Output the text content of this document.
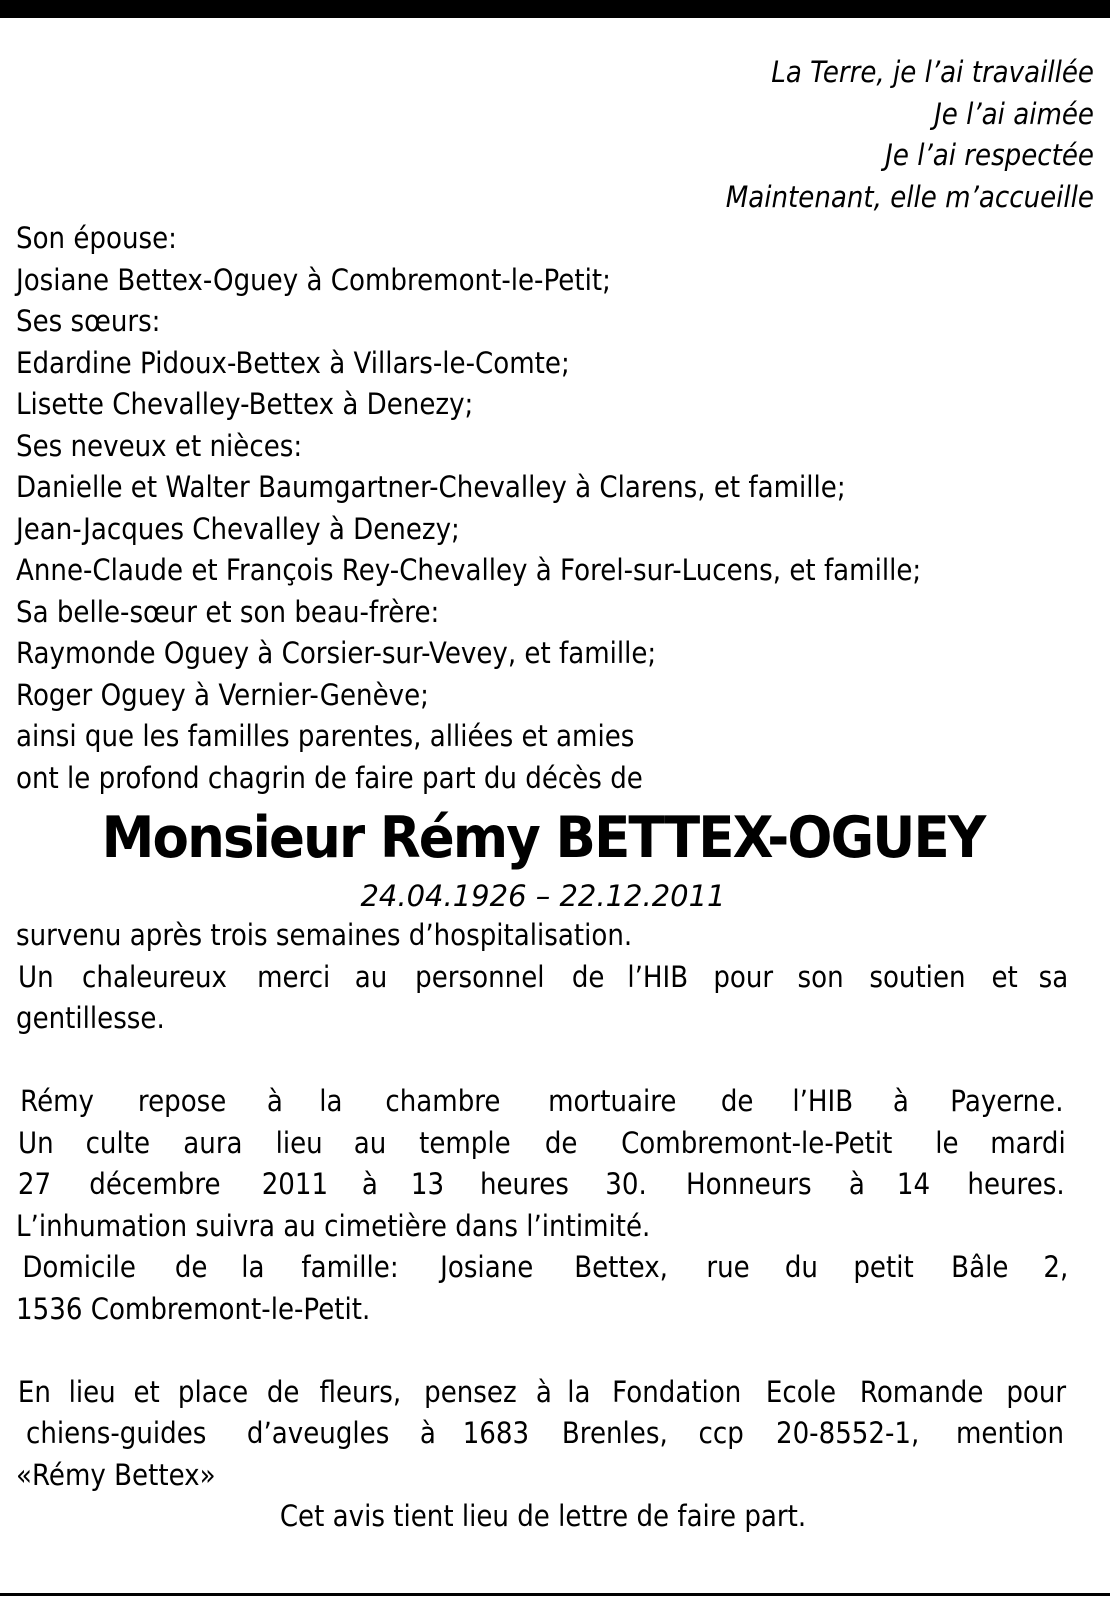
La Terre, je l’ai travaillée
Je l’ai aimée
Je l’ai respectée
Maintenant, elle m’accueille
Son épouse:
Josiane Bettex-Oguey à Combremont-le-Petit;
Ses sœurs:
Edardine Pidoux-Bettex à Villars-le-Comte;
Lisette Chevalley-Bettex à Denezy;
Ses neveux et nièces:
Danielle et Walter Baumgartner-Chevalley à Clarens, et famille;
Jean-Jacques Chevalley à Denezy;
Anne-Claude et François Rey-Chevalley à Forel-sur-Lucens, et famille;
Sa belle-sœur et son beau-frère:
Raymonde Oguey à Corsier-sur-Vevey, et famille;
Roger Oguey à Vernier-Genève;
ainsi que les familles parentes, alliées et amies
ont le profond chagrin de faire part du décès de
Monsieur Rémy BETTEX-OGUEY
24.04.1926 – 22.12.2011
survenu après trois semaines d’hospitalisation.
Un chaleureux merci au personnel de l’HIB pour son soutien et sa
gentillesse.
Rémy repose à la chambre mortuaire de l’HIB à Payerne.
Un culte aura lieu au temple de Combremont-le-Petit le mardi
27 décembre 2011 à 13 heures 30. Honneurs à 14 heures.
L’inhumation suivra au cimetière dans l’intimité.
Domicile de la famille: Josiane Bettex, rue du petit Bâle 2,
1536 Combremont-le-Petit.
En lieu et place de fleurs, pensez à la Fondation Ecole Romande pour
chiens-guides d’aveugles à 1683 Brenles, ccp 20-8552-1, mention
«Rémy Bettex»
Cet avis tient lieu de lettre de faire part.
